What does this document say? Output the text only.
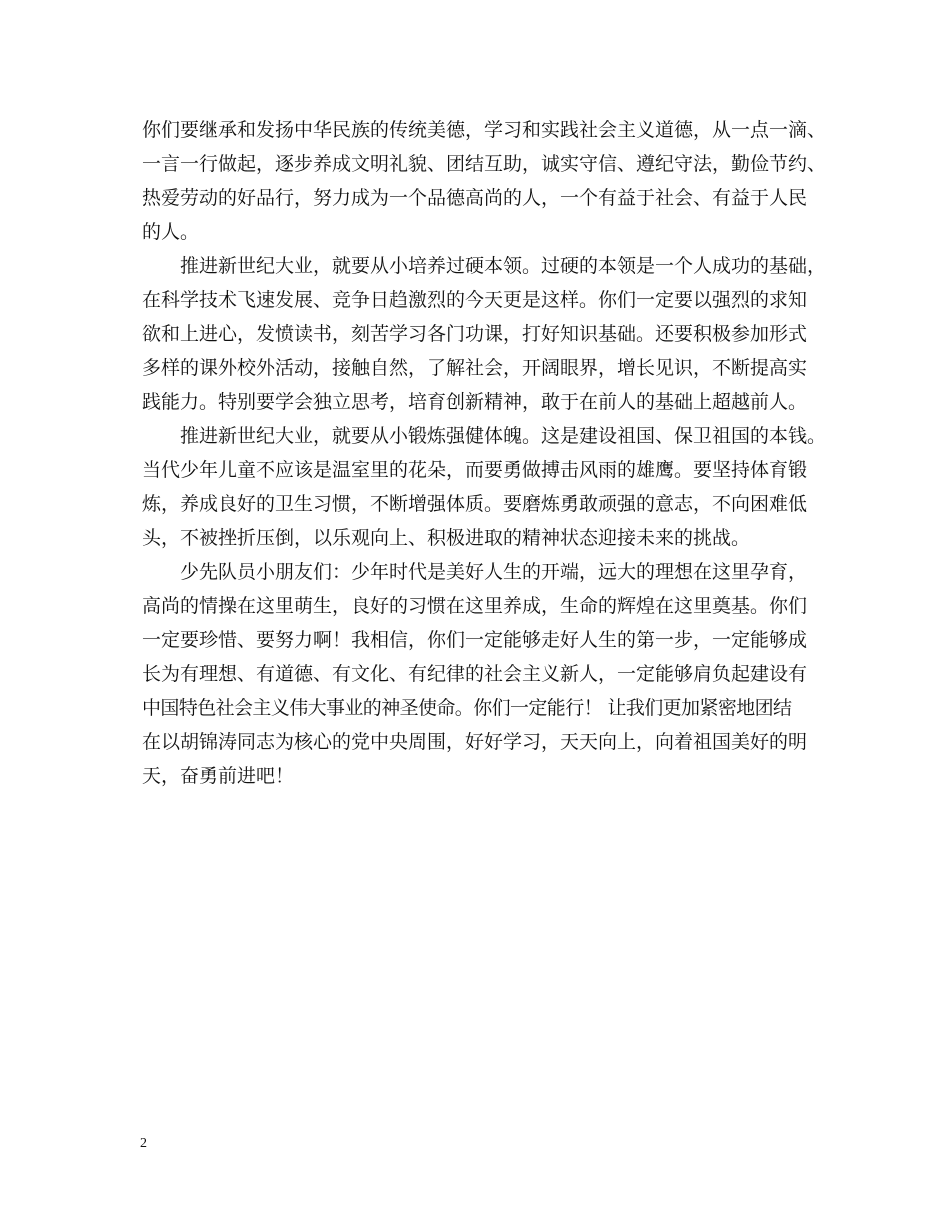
你们要继承和发扬中华民族的传统美德，学习和实践社会主义道德，从一点一滴、
一言一行做起，逐步养成文明礼貌、团结互助，诚实守信、遵纪守法，勤俭节约、
热爱劳动的好品行，努力成为一个品德高尚的人，一个有益于社会、有益于人民
的人。
推进新世纪大业，就要从小培养过硬本领。过硬的本领是一个人成功的基础，
在科学技术飞速发展、竞争日趋激烈的今天更是这样。你们一定要以强烈的求知
欲和上进心，发愤读书，刻苦学习各门功课，打好知识基础。还要积极参加形式
多样的课外校外活动，接触自然，了解社会，开阔眼界，增长见识，不断提高实
践能力。特别要学会独立思考，培育创新精神，敢于在前人的基础上超越前人。
推进新世纪大业，就要从小锻炼强健体魄。这是建设祖国、保卫祖国的本钱。
当代少年儿童不应该是温室里的花朵，而要勇做搏击风雨的雄鹰。要坚持体育锻
炼，养成良好的卫生习惯，不断增强体质。要磨炼勇敢顽强的意志，不向困难低
头，不被挫折压倒，以乐观向上、积极进取的精神状态迎接未来的挑战。
少先队员小朋友们：少年时代是美好人生的开端，远大的理想在这里孕育，
高尚的情操在这里萌生，良好的习惯在这里养成，生命的辉煌在这里奠基。你们
一定要珍惜、要努力啊！我相信，你们一定能够走好人生的第一步，一定能够成
长为有理想、有道德、有文化、有纪律的社会主义新人，一定能够肩负起建设有
中国特色社会主义伟大事业的神圣使命。你们一定能行！ 让我们更加紧密地团结
在以胡锦涛同志为核心的党中央周围，好好学习，天天向上，向着祖国美好的明
天，奋勇前进吧！
2
